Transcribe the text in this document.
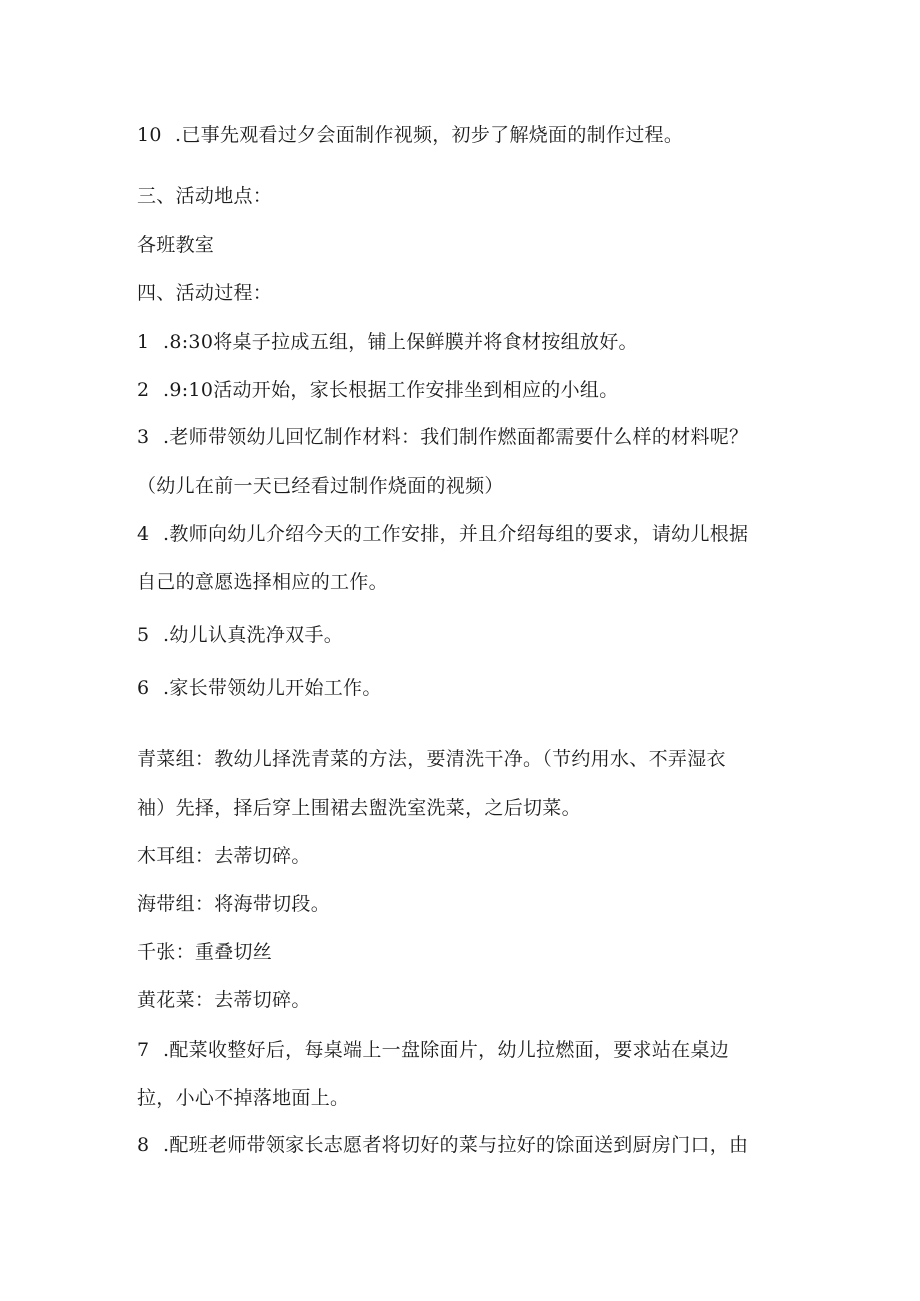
10 .已事先观看过夕会面制作视频，初步了解烧面的制作过程。
三、活动地点：
各班教室
四、活动过程：
1 .8:30将桌子拉成五组，铺上保鲜膜并将食材按组放好。
2 .9:10活动开始，家长根据工作安排坐到相应的小组。
3 .老师带领幼儿回忆制作材料：我们制作燃面都需要什么样的材料呢？
（幼儿在前一天已经看过制作烧面的视频）
4 .教师向幼儿介绍今天的工作安排，并且介绍每组的要求，请幼儿根据
自己的意愿选择相应的工作。
5 .幼儿认真洗净双手。
6 .家长带领幼儿开始工作。
青菜组：教幼儿择洗青菜的方法，要清洗干净。（节约用水、不弄湿衣
袖）先择，择后穿上围裙去盥洗室洗菜，之后切菜。
木耳组：去蒂切碎。
海带组：将海带切段。
千张：重叠切丝
黄花菜：去蒂切碎。
7 .配菜收整好后，每桌端上一盘除面片，幼儿拉燃面，要求站在桌边
拉，小心不掉落地面上。
8 .配班老师带领家长志愿者将切好的菜与拉好的馀面送到厨房门口，由
